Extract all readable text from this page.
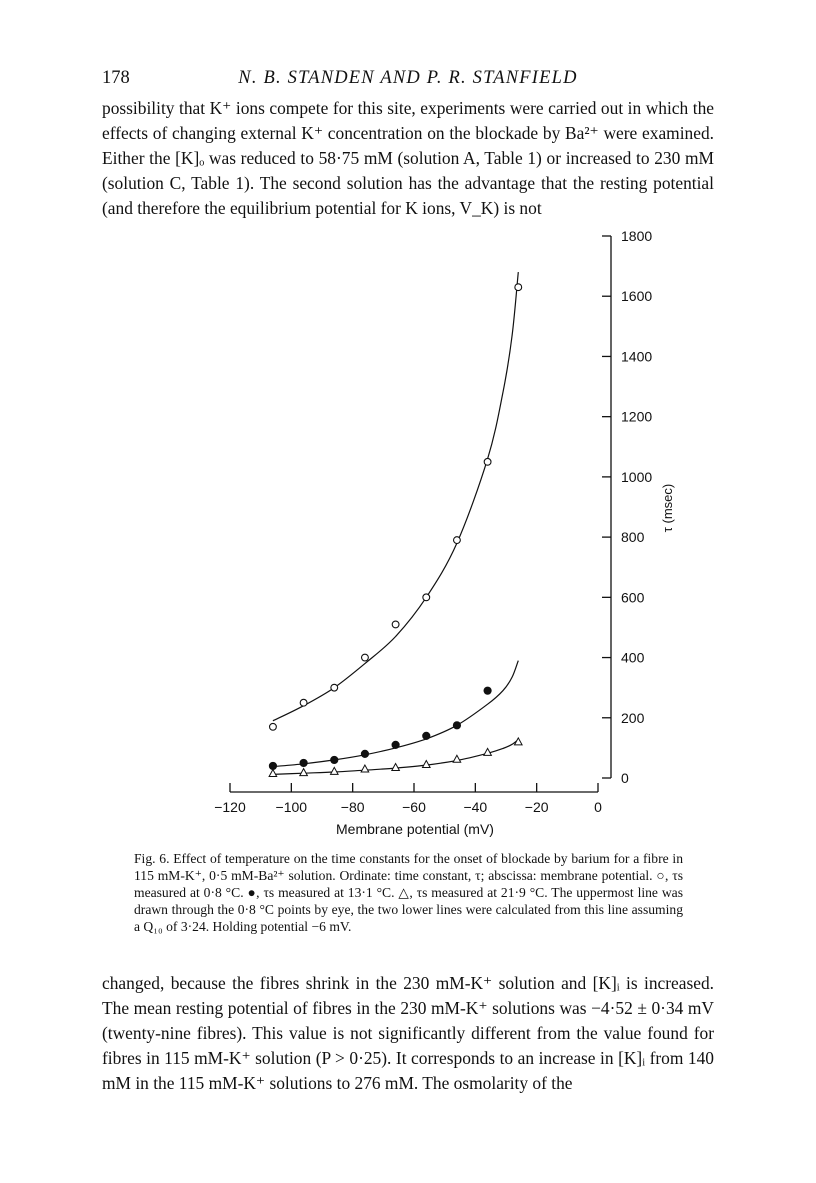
178	N. B. STANDEN AND P. R. STANFIELD

possibility that K⁺ ions compete for this site, experiments were carried out in which the effects of changing external K⁺ concentration on the blockade by Ba²⁺ were examined. Either the [K]ₒ was reduced to 58·75 mM (solution A, Table 1) or increased to 230 mM (solution C, Table 1). The second solution has the advantage that the resting potential (and therefore the equilibrium potential for K ions, V_K) is not

−120 −100 −80	−60	−40	−20	0
0
200
400
600
800
1000
1200
1400
1600
1800
Membrane potential (mV)
τ (msec)

Fig. 6. Effect of temperature on the time constants for the onset of blockade by barium for a fibre in 115 mM-K⁺, 0·5 mM-Ba²⁺ solution. Ordinate: time constant, τ; abscissa: membrane potential. ○, τs measured at 0·8 °C. ●, τs measured at 13·1 °C. △, τs measured at 21·9 °C. The uppermost line was drawn through the 0·8 °C points by eye, the two lower lines were calculated from this line assuming a Q₁₀ of 3·24. Holding potential −6 mV.

changed, because the fibres shrink in the 230 mM-K⁺ solution and [K]ᵢ is increased. The mean resting potential of fibres in the 230 mM-K⁺ solutions was −4·52 ± 0·34 mV (twenty-nine fibres). This value is not significantly different from the value found for fibres in 115 mM-K⁺ solution (P > 0·25). It corresponds to an increase in [K]ᵢ from 140 mM in the 115 mM-K⁺ solutions to 276 mM. The osmolarity of the
